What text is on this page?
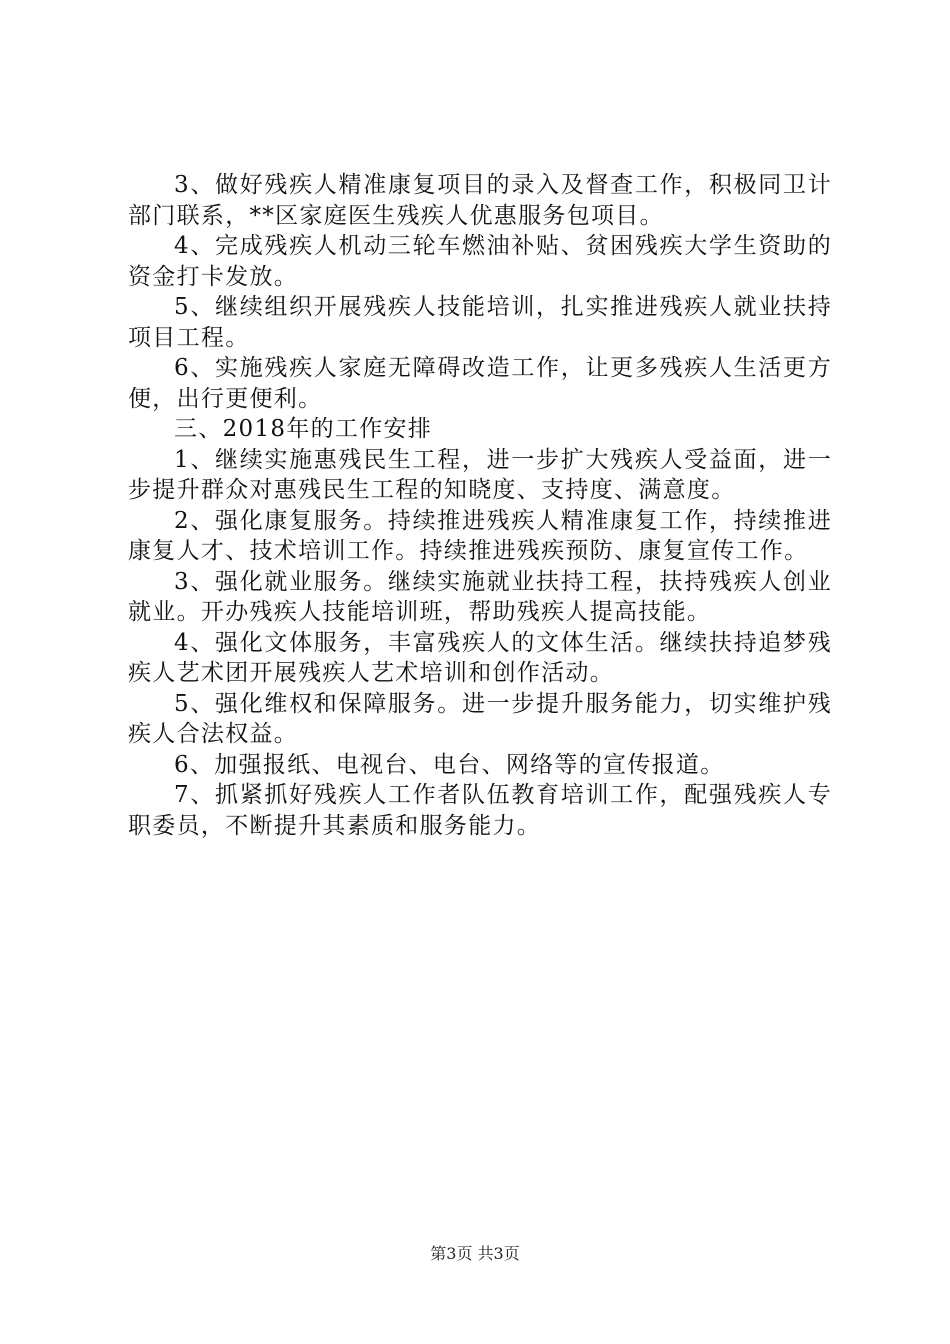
3、做好残疾人精准康复项目的录入及督查工作，积极同卫计部门联系，**区家庭医生残疾人优惠服务包项目。

4、完成残疾人机动三轮车燃油补贴、贫困残疾大学生资助的资金打卡发放。

5、继续组织开展残疾人技能培训，扎实推进残疾人就业扶持项目工程。

6、实施残疾人家庭无障碍改造工作，让更多残疾人生活更方便，出行更便利。

三、2018年的工作安排

1、继续实施惠残民生工程，进一步扩大残疾人受益面，进一步提升群众对惠残民生工程的知晓度、支持度、满意度。

2、强化康复服务。持续推进残疾人精准康复工作，持续推进康复人才、技术培训工作。持续推进残疾预防、康复宣传工作。

3、强化就业服务。继续实施就业扶持工程，扶持残疾人创业就业。开办残疾人技能培训班，帮助残疾人提高技能。

4、强化文体服务，丰富残疾人的文体生活。继续扶持追梦残疾人艺术团开展残疾人艺术培训和创作活动。

5、强化维权和保障服务。进一步提升服务能力，切实维护残疾人合法权益。

6、加强报纸、电视台、电台、网络等的宣传报道。

7、抓紧抓好残疾人工作者队伍教育培训工作，配强残疾人专职委员，不断提升其素质和服务能力。

第3页 共3页
